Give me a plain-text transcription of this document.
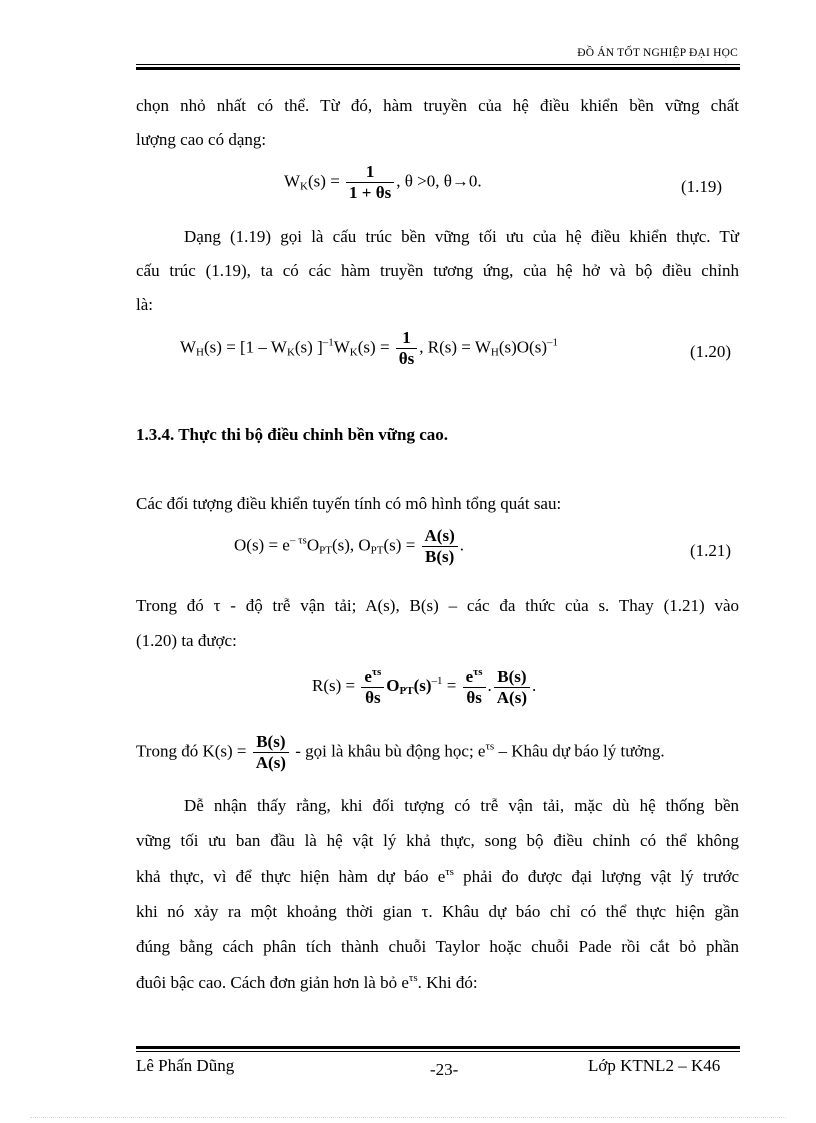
ĐỒ ÁN TỐT NGHIỆP ĐẠI HỌC
chọn nhỏ nhất có thể. Từ đó, hàm truyền của hệ điều khiển bền vững chất
lượng cao có dạng:
$W_K(s) = \frac{1}{1 + \theta s}$ , θ >0, θ→0.	(1.19)
Dạng (1.19) gọi là cấu trúc bền vững tối ưu của hệ điều khiển thực. Từ
cấu trúc (1.19), ta có các hàm truyền tương ứng, của hệ hở và bộ điều chỉnh
là:
$W_H(s) = [1 - W_K(s) ]^{-1}W_K(s) = \frac{1}{\theta s}$ , $R(s) = W_H(s)O(s)^{-1}$	(1.20)
1.3.4. Thực thi bộ điều chỉnh bền vững cao.
Các đối tượng điều khiển tuyến tính có mô hình tổng quát sau:
$O(s) = e^{- \tau s}O_{PT}(s)$, $O_{PT}(s) = \frac{A(s)}{B(s)}$ .	(1.21)
Trong đó τ - độ trễ vận tải; A(s), B(s) – các đa thức của s. Thay (1.21) vào
(1.20) ta được:
$R(s) = \frac{e^{\tau s}}{\theta s} O_{PT}(s)^{-1} = \frac{e^{\tau s}}{\theta s}$ . $\frac{B(s)}{A(s)}$ .
Trong đó $K(s) = \frac{B(s)}{A(s)}$ - gọi là khâu bù động học; $e^{\tau s}$ – Khâu dự báo lý tưởng.
Dễ nhận thấy rằng, khi đối tượng có trễ vận tải, mặc dù hệ thống bền
vững tối ưu ban đầu là hệ vật lý khả thực, song bộ điều chỉnh có thể không
khả thực, vì để thực hiện hàm dự báo $e^{\tau s}$ phải đo được đại lượng vật lý trước
khi nó xảy ra một khoảng thời gian τ. Khâu dự báo chỉ có thể thực hiện gần
đúng bằng cách phân tích thành chuỗi Taylor hoặc chuỗi Pade rồi cắt bỏ phần
đuôi bậc cao. Cách đơn giản hơn là bỏ $e^{\tau s}$. Khi đó:
Lê Phấn Dũng	-23-	Lớp KTNL2 – K46
